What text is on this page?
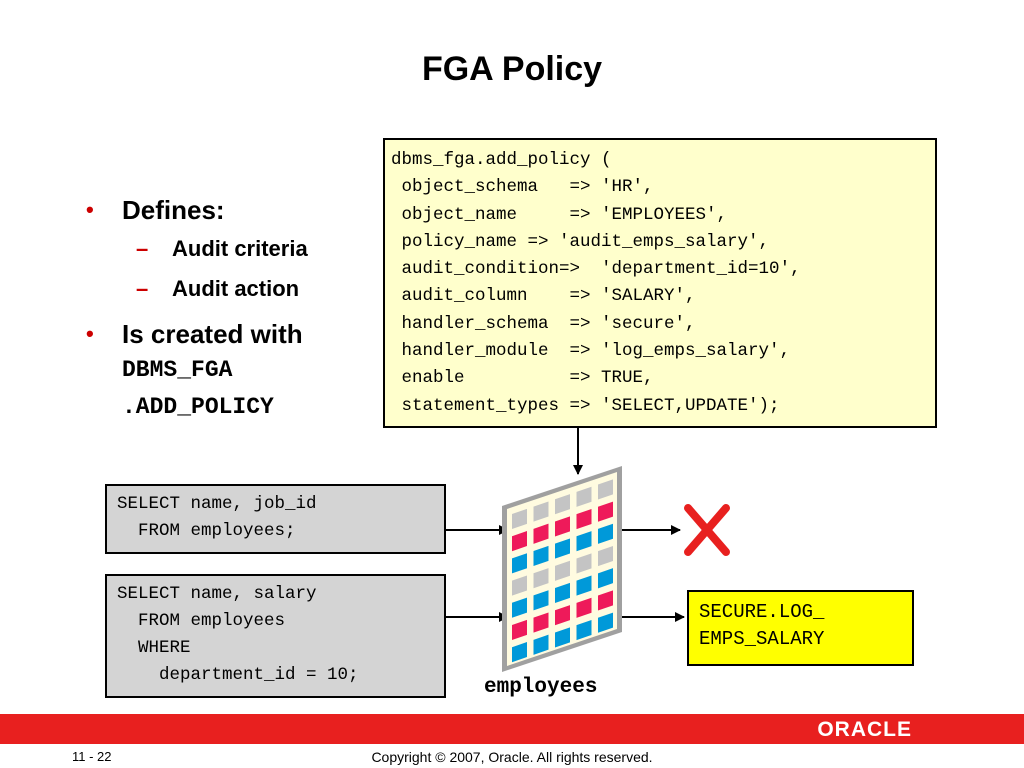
FGA Policy
• Defines:
– Audit criteria
– Audit action
• Is created with
DBMS_FGA
.ADD_POLICY
dbms_fga.add_policy (
object_schema   => 'HR',
object_name     => 'EMPLOYEES',
policy_name => 'audit_emps_salary',
audit_condition=>  'department_id=10',
audit_column    => 'SALARY',
handler_schema  => 'secure',
handler_module  => 'log_emps_salary',
enable          => TRUE,
statement_types => 'SELECT,UPDATE');
SELECT name, job_id
FROM employees;
SELECT name, salary
FROM employees
WHERE
department_id = 10;
SECURE.LOG_
EMPS_SALARY
employees
ORACLE
11 - 22	Copyright © 2007, Oracle. All rights reserved.
